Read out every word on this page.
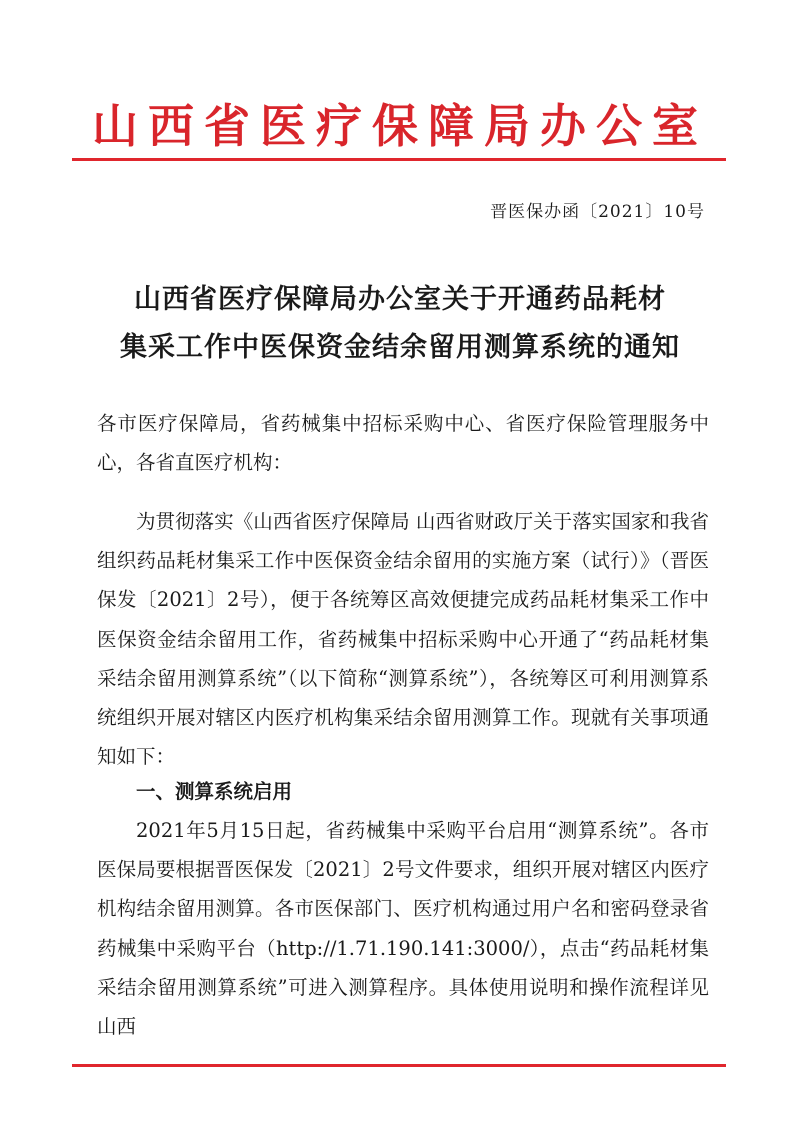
山西省医疗保障局办公室
晋医保办函〔2021〕10号
山西省医疗保障局办公室关于开通药品耗材
集采工作中医保资金结余留用测算系统的通知
各市医疗保障局，省药械集中招标采购中心、省医疗保险管理服务中心，各省直医疗机构：

为贯彻落实《山西省医疗保障局 山西省财政厅关于落实国家和我省组织药品耗材集采工作中医保资金结余留用的实施方案（试行）》（晋医保发〔2021〕2号），便于各统筹区高效便捷完成药品耗材集采工作中医保资金结余留用工作，省药械集中招标采购中心开通了“药品耗材集采结余留用测算系统”（以下简称“测算系统”），各统筹区可利用测算系统组织开展对辖区内医疗机构集采结余留用测算工作。现就有关事项通知如下：

一、测算系统启用

2021年5月15日起，省药械集中采购平台启用“测算系统”。各市医保局要根据晋医保发〔2021〕2号文件要求，组织开展对辖区内医疗机构结余留用测算。各市医保部门、医疗机构通过用户名和密码登录省药械集中采购平台（http://1.71.190.141:3000/），点击“药品耗材集采结余留用测算系统”可进入测算程序。具体使用说明和操作流程详见山西
